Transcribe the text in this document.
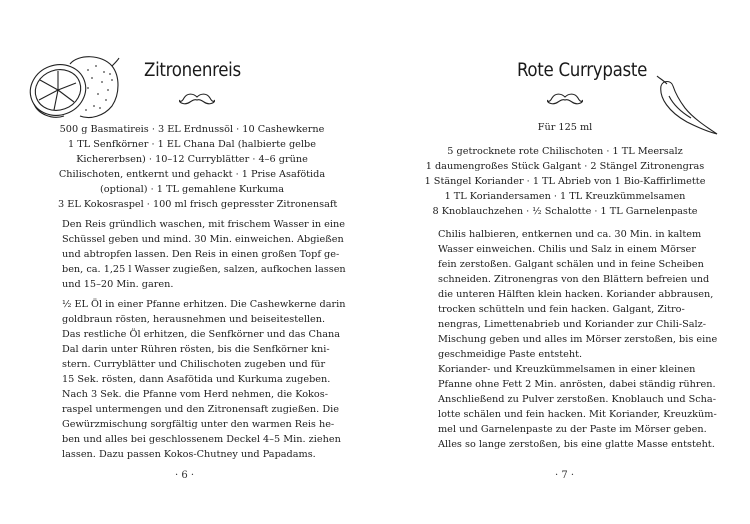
Zitronenreis
500 g Basmatireis · 3 EL Erdnussöl · 10 Cashewkerne
1 TL Senfkörner · 1 EL Chana Dal (halbierte gelbe
Kichererbsen) · 10–12 Curryblätter · 4–6 grüne
Chilischoten, entkernt und gehackt · 1 Prise Asafötida
(optional) · 1 TL gemahlene Kurkuma
3 EL Kokosraspel · 100 ml frisch gepresster Zitronensaft
Den Reis gründlich waschen, mit frischem Wasser in eine
Schüssel geben und mind. 30 Min. einweichen. Abgießen
und abtropfen lassen. Den Reis in einen großen Topf ge-
ben, ca. 1,25 l Wasser zugießen, salzen, aufkochen lassen
und 15–20 Min. garen.
½ EL Öl in einer Pfanne erhitzen. Die Cashewkerne darin
goldbraun rösten, herausnehmen und beiseitestellen.
Das restliche Öl erhitzen, die Senfkörner und das Chana
Dal darin unter Rühren rösten, bis die Senfkörner kni-
stern. Curryblätter und Chilischoten zugeben und für
15 Sek. rösten, dann Asafötida und Kurkuma zugeben.
Nach 3 Sek. die Pfanne vom Herd nehmen, die Kokos-
raspel untermengen und den Zitronensaft zugießen. Die
Gewürzmischung sorgfältig unter den warmen Reis he-
ben und alles bei geschlossenem Deckel 4–5 Min. ziehen
lassen. Dazu passen Kokos-Chutney und Papadams.
· 6 ·
Rote Currypaste
Für 125 ml
5 getrocknete rote Chilischoten · 1 TL Meersalz
1 daumengroßes Stück Galgant · 2 Stängel Zitronengras
1 Stängel Koriander · 1 TL Abrieb von 1 Bio-Kaffirlimette
1 TL Koriandersamen · 1 TL Kreuzkümmelsamen
8 Knoblauchzehen · ½ Schalotte · 1 TL Garnelenpaste
Chilis halbieren, entkernen und ca. 30 Min. in kaltem
Wasser einweichen. Chilis und Salz in einem Mörser
fein zerstoßen. Galgant schälen und in feine Scheiben
schneiden. Zitronengras von den Blättern befreien und
die unteren Hälften klein hacken. Koriander abbrausen,
trocken schütteln und fein hacken. Galgant, Zitro-
nengras, Limettenabrieb und Koriander zur Chili-Salz-
Mischung geben und alles im Mörser zerstoßen, bis eine
geschmeidige Paste entsteht.
Koriander- und Kreuzkümmelsamen in einer kleinen
Pfanne ohne Fett 2 Min. anrösten, dabei ständig rühren.
Anschließend zu Pulver zerstoßen. Knoblauch und Scha-
lotte schälen und fein hacken. Mit Koriander, Kreuzküm-
mel und Garnelenpaste zu der Paste im Mörser geben.
Alles so lange zerstoßen, bis eine glatte Masse entsteht.
· 7 ·
